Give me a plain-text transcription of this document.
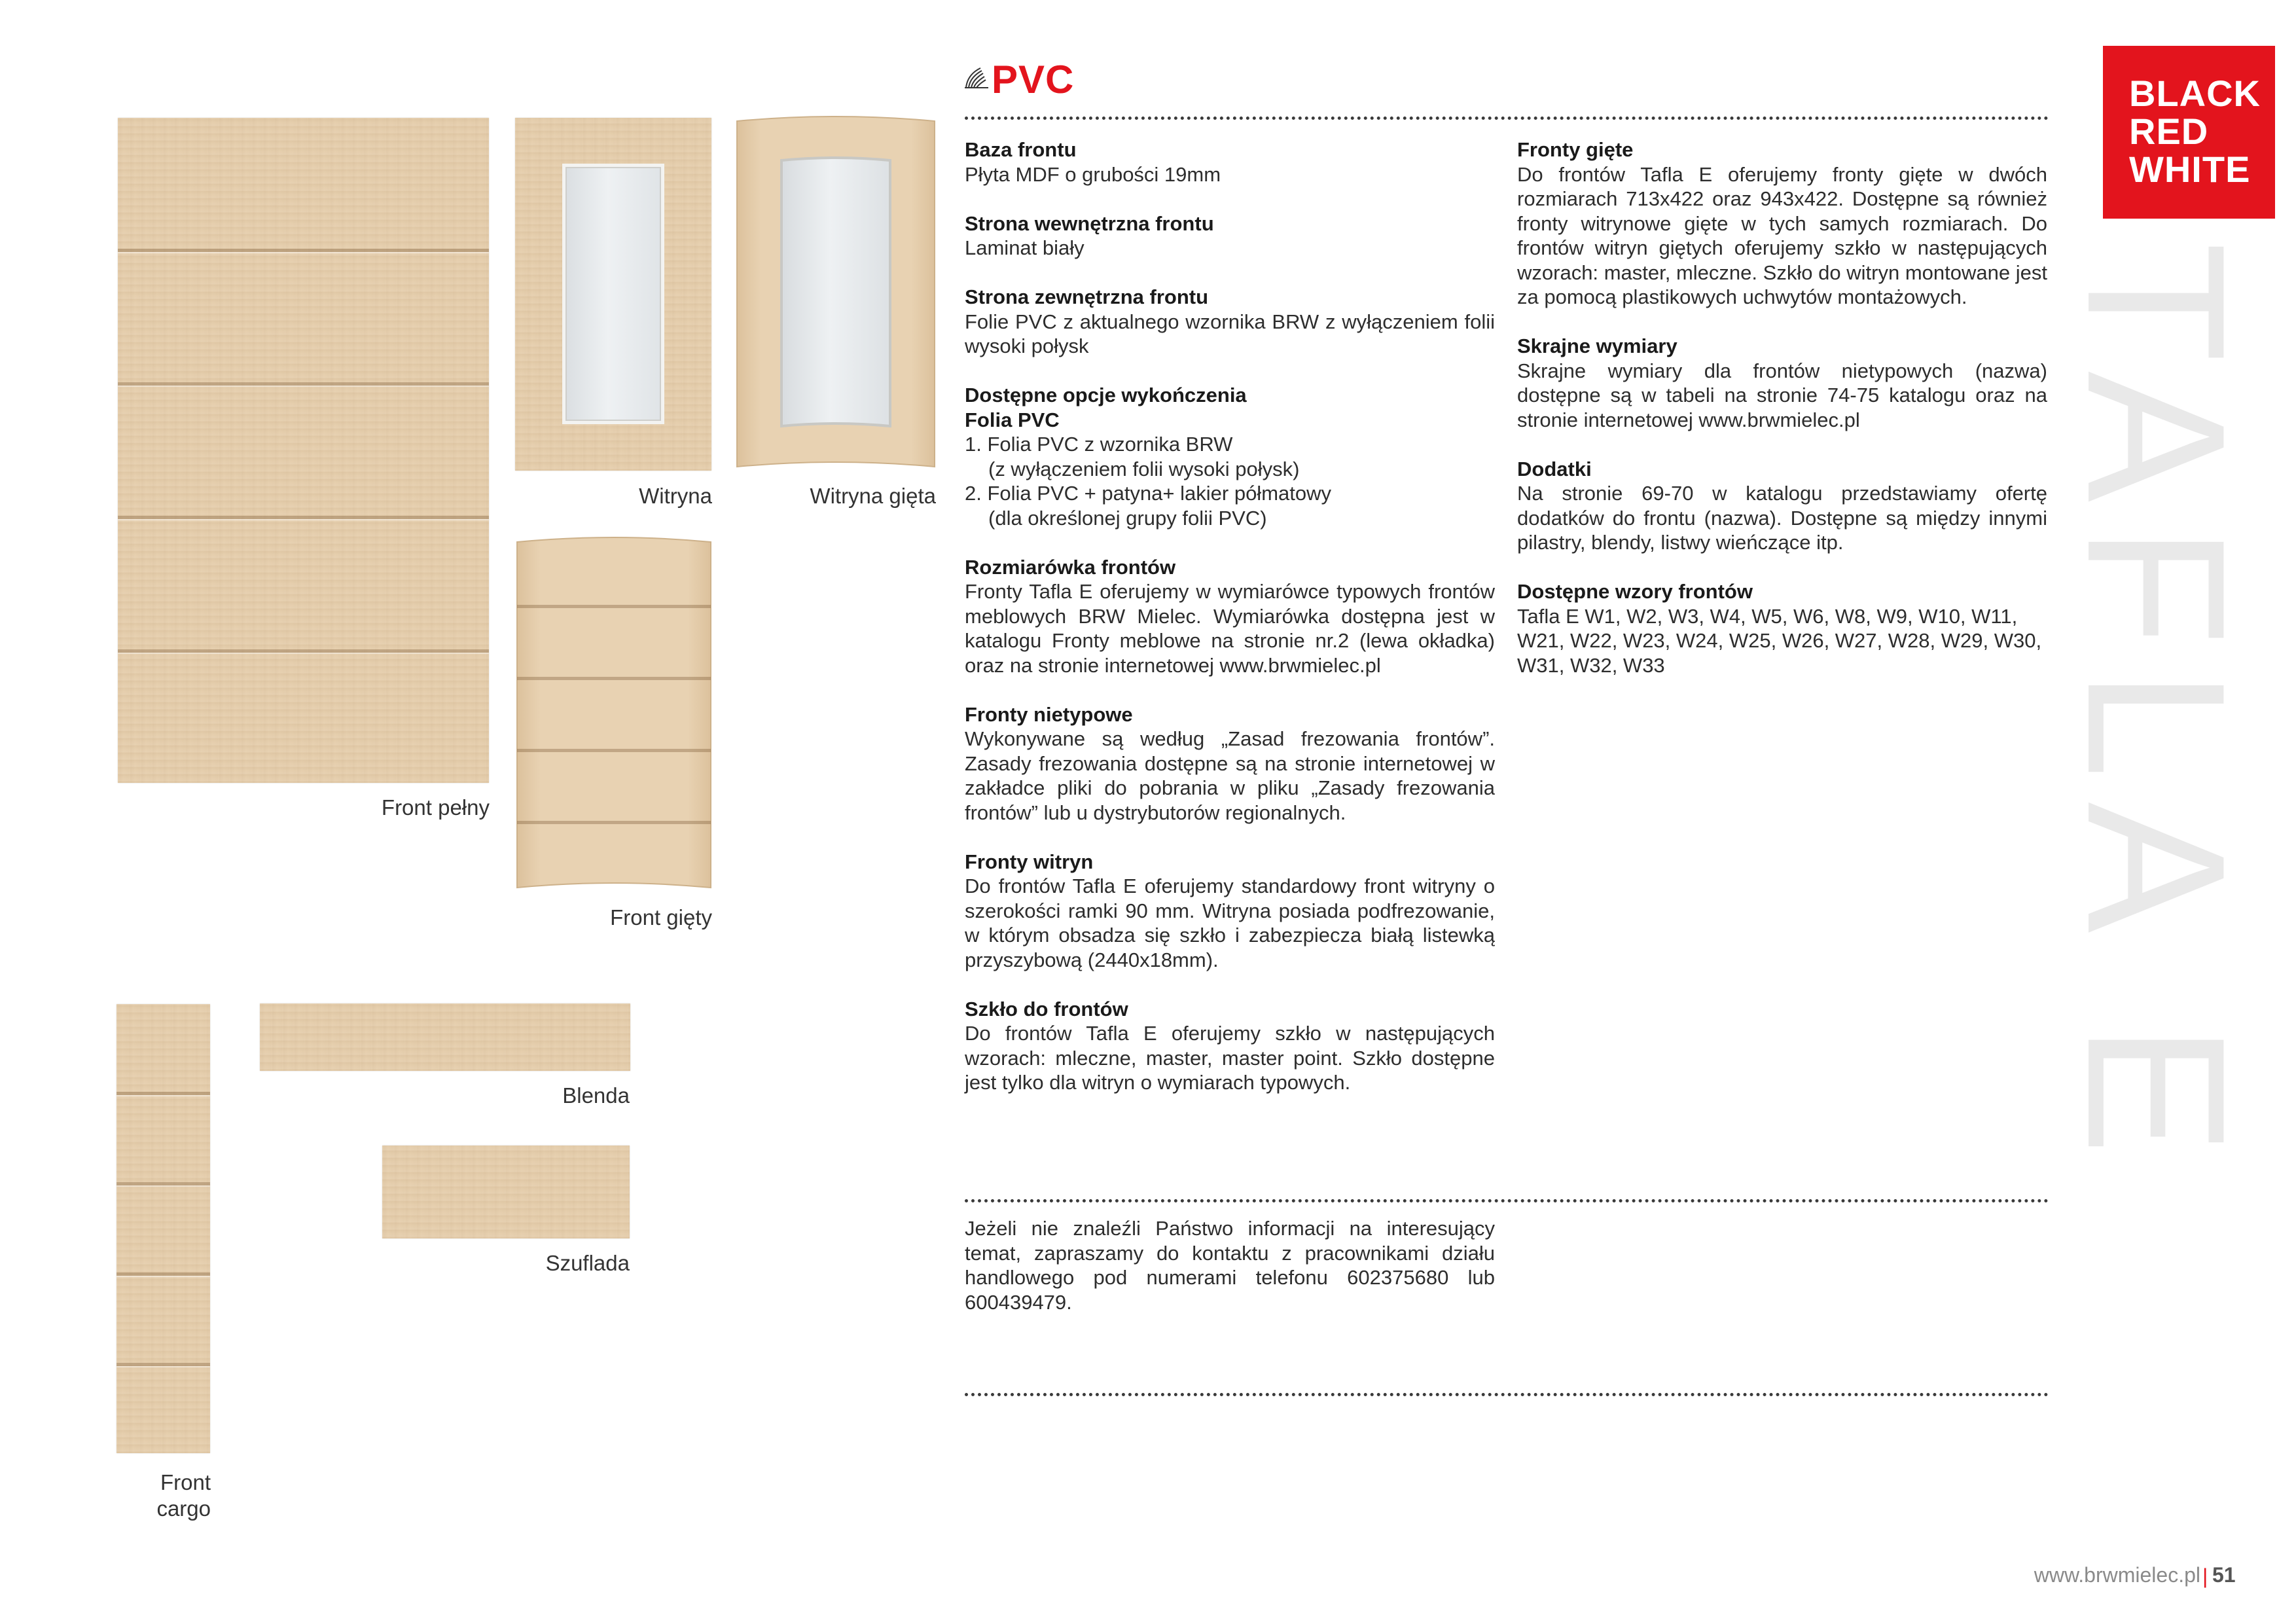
Front pełny
Witryna	Witryna gięta
Front gięty
Front
cargo
Blenda
Szuflada
PVC

Baza frontu
Płyta MDF o grubości 19mm

Strona wewnętrzna frontu
Laminat biały

Strona zewnętrzna frontu
Folie PVC z aktualnego wzornika BRW z wyłączeniem folii wysoki połysk

Dostępne opcje wykończenia
Folia PVC
1. Folia PVC z wzornika BRW
(z wyłączeniem folii wysoki połysk)
2. Folia PVC + patyna+ lakier półmatowy
(dla określonej grupy folii PVC)

Rozmiarówka frontów
Fronty Tafla E oferujemy w wymiarówce typowych frontów meblowych BRW Mielec. Wymiarówka dostępna jest w katalogu Fronty meblowe na stronie nr.2 (lewa okładka) oraz na stronie internetowej www.brwmielec.pl

Fronty nietypowe
Wykonywane są według „Zasad frezowania frontów”. Zasady frezowania dostępne są na stronie internetowej w zakładce pliki do pobrania w pliku „Zasady frezowania frontów” lub u dystrybutorów regionalnych.

Fronty witryn
Do frontów Tafla E oferujemy standardowy front witryny o szerokości ramki 90 mm. Witryna posiada podfrezowanie, w którym obsadza się szkło i zabezpiecza białą listewką przyszybową (2440x18mm).

Szkło do frontów
Do frontów Tafla E oferujemy szkło w następujących wzorach: mleczne, master, master point. Szkło dostępne jest tylko dla witryn o wymiarach typowych.

Fronty gięte
Do frontów Tafla E oferujemy fronty gięte w dwóch rozmiarach 713x422 oraz 943x422. Dostępne są również fronty witrynowe gięte w tych samych rozmiarach. Do frontów witryn giętych oferujemy szkło w następujących wzorach: master, mleczne. Szkło do witryn montowane jest za pomocą plastikowych uchwytów montażowych.

Skrajne wymiary
Skrajne wymiary dla frontów nietypowych (nazwa) dostępne są w tabeli na stronie 74-75 katalogu oraz na stronie internetowej www.brwmielec.pl

Dodatki
Na stronie 69-70 w katalogu przedstawiamy ofertę dodatków do frontu (nazwa). Dostępne są między innymi pilastry, blendy, listwy wieńczące itp.

Dostępne wzory frontów
Tafla E W1, W2, W3, W4, W5, W6, W8, W9, W10, W11, W21, W22, W23, W24, W25, W26, W27, W28, W29, W30, W31, W32, W33

Jeżeli nie znaleźli Państwo informacji na interesujący temat, zapraszamy do kontaktu z pracownikami działu handlowego pod numerami telefonu 602375680 lub 600439479.
BLACK
RED
WHITE
TAFLA E
www.brwmielec.pl | 51
